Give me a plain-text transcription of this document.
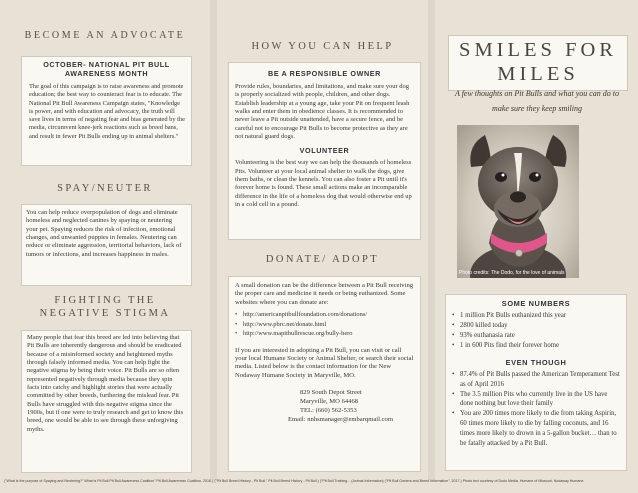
BECOME AN ADVOCATE
OCTOBER- NATIONAL PIT BULL AWARENESS MONTH
The goal of this campaign is to raise awareness and promote education; the best way to counteract fear is to educate. The National Pit Bull Awareness Campaign states, "Knowledge is power, and with education and advocacy, the truth will save lives in terms of negating fear and bias generated by the media, circumvent knee-jerk reactions such as breed bans, and result in fewer Pit Bulls ending up in animal shelters."
SPAY/NEUTER
You can help reduce overpopulation of dogs and eliminate homeless and neglected canines by spaying or neutering your pet. Spaying reduces the risk of infection, emotional changes, and unwanted puppies in females. Neutering can reduce or eliminate aggression, territorial behaviors, lack of tumors or infections, and increases happiness in males.
FIGHTING THE
NEGATIVE STIGMA
Many people that fear this breed are led into believing that Pit Bulls are inherently dangerous and should be eradicated because of a misinformed society and heightened myths through falsely informed media. You can help fight the negative stigma by being their voice. Pit Bulls are so often represented negatively through media because they spin facts into catchy and highlight stories that were actually committed by other breeds, furthering the mislead fear. Pit Bulls have struggled with this negative stigma since the 1900s, but if one were to truly research and get to know this breed, one would be able to see through these unforgiving myths.
HOW YOU CAN HELP
BE A RESPONSIBLE OWNER
Provide rules, boundaries, and limitations, and make sure your dog is properly socialized with people, children, and other dogs. Establish leadership at a young age, take your Pit on frequent leash walks and enter them in obedience classes. It is recommended to never leave a Pit outside unattended, have a secure fence, and be careful not to encourage Pit Bulls to become protective as they are not natural guard dogs.
VOLUNTEER
Volunteering is the best way we can help the thousands of homeless Pits. Volunteer at your local animal shelter to walk the dogs, give them baths, or clean the kennels. You can also foster a Pit until it's forever home is found. These small actions make an incomparable difference in the life of a homeless dog that would otherwise end up in a cold cell in a pound.
DONATE/ ADOPT
A small donation can be the difference between a Pit Bull receiving the proper care and medicine it needs or being euthanized. Some websites where you can donate are:
• http://americanpitbullfoundation.com/donations/
• http://www.pbrc.net/donate.html
• http://www.mapitbullrescue.org/bully-hero
If you are interested in adopting a Pit Bull, you can visit or call your local Humane Society or Animal Shelter, or search their social media. Listed below is the contact information for the New Nodaway Humane Society in Maryville, MO.
829 South Depot Street
Maryville, MO 64468
TEL: (660) 562-5353
Email: nnhsmanager@embarqmail.com
SMILES FOR
MILES
A few thoughts on Pit Bulls and what you can do to make sure they keep smiling
Photo credits: The Dodo, for the love of animals
SOME NUMBERS
• 1 million Pit Bulls euthanized this year
• 2800 killed today
• 93% euthanasia rate
• 1 in 600 Pits find their forever home
EVEN THOUGH
• 87.4% of Pit Bulls passed the American Temperament Test as of April 2016
• The 3.5 million Pits who currently live in the US have done nothing but love their family
• You are 200 times more likely to die from taking Aspirin, 60 times more likely to die by falling coconuts, and 16 times more likely to drown in a 5-gallon bucket… than to be fatally attacked by a Pit Bull.
("What is the purpose of Spaying and Neutering?" What is Pit Bull Pit Bull Awareness Coalition" Pit Bull Awareness Coalition, 2016.) ("Pit Bull Breed History - Pit Bull." Pit Bull Breed History - Pit Bull.) ("Pit Bull Training... (Animal Information) ("Pit Bull Owners and Breed Information", 2017.) Photo text courtesy of Dodo Media, Humane of Missouri, Nodaway Humane.
